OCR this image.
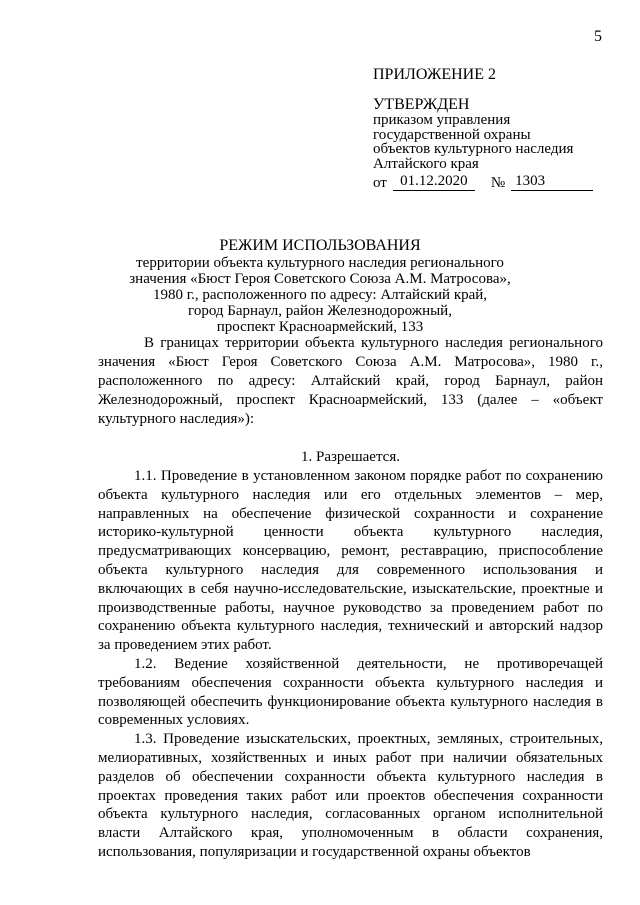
5
ПРИЛОЖЕНИЕ 2
УТВЕРЖДЕН
приказом управления
государственной охраны
объектов культурного наследия
Алтайского края
от 01.12.2020	№ 1303
РЕЖИМ ИСПОЛЬЗОВАНИЯ
территории объекта культурного наследия регионального
значения «Бюст Героя Советского Союза А.М. Матросова»,
1980 г., расположенного по адресу: Алтайский край,
город Барнаул, район Железнодорожный,
проспект Красноармейский, 133

В границах территории объекта культурного наследия регионального значения «Бюст Героя Советского Союза А.М. Матросова», 1980 г., расположенного по адресу: Алтайский край, город Барнаул, район Железнодорожный, проспект Красноармейский, 133 (далее – «объект культурного наследия»):

1. Разрешается.

1.1. Проведение в установленном законом порядке работ по сохранению объекта культурного наследия или его отдельных элементов – мер, направленных на обеспечение физической сохранности и сохранение историко-культурной ценности объекта культурного наследия, предусматривающих консервацию, ремонт, реставрацию, приспособление объекта культурного наследия для современного использования и включающих в себя научно-исследовательские, изыскательские, проектные и производственные работы, научное руководство за проведением работ по сохранению объекта культурного наследия, технический и авторский надзор за проведением этих работ.

1.2. Ведение хозяйственной деятельности, не противоречащей требованиям обеспечения сохранности объекта культурного наследия и позволяющей обеспечить функционирование объекта культурного наследия в современных условиях.

1.3. Проведение изыскательских, проектных, земляных, строительных, мелиоративных, хозяйственных и иных работ при наличии обязательных разделов об обеспечении сохранности объекта культурного наследия в проектах проведения таких работ или проектов обеспечения сохранности объекта культурного наследия, согласованных органом исполнительной власти Алтайского края, уполномоченным в области сохранения, использования, популяризации и государственной охраны объектов
